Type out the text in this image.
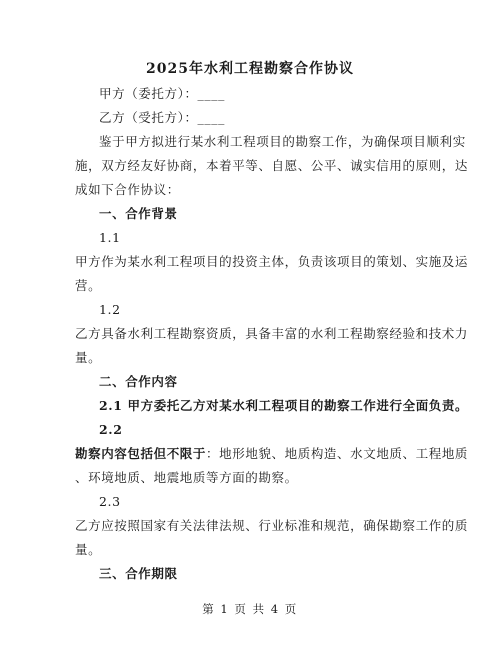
2025年水利工程勘察合作协议
甲方（委托方）：____
乙方（受托方）：____
鉴于甲方拟进行某水利工程项目的勘察工作，为确保项目顺利实
施，双方经友好协商，本着平等、自愿、公平、诚实信用的原则，达
成如下合作协议：
一、合作背景
1.1
甲方作为某水利工程项目的投资主体，负责该项目的策划、实施及运
营。
1.2
乙方具备水利工程勘察资质，具备丰富的水利工程勘察经验和技术力
量。
二、合作内容
2.1 甲方委托乙方对某水利工程项目的勘察工作进行全面负责。
2.2
勘察内容包括但不限于：地形地貌、地质构造、水文地质、工程地质
、环境地质、地震地质等方面的勘察。
2.3
乙方应按照国家有关法律法规、行业标准和规范，确保勘察工作的质
量。
三、合作期限
第 1 页 共 4 页
